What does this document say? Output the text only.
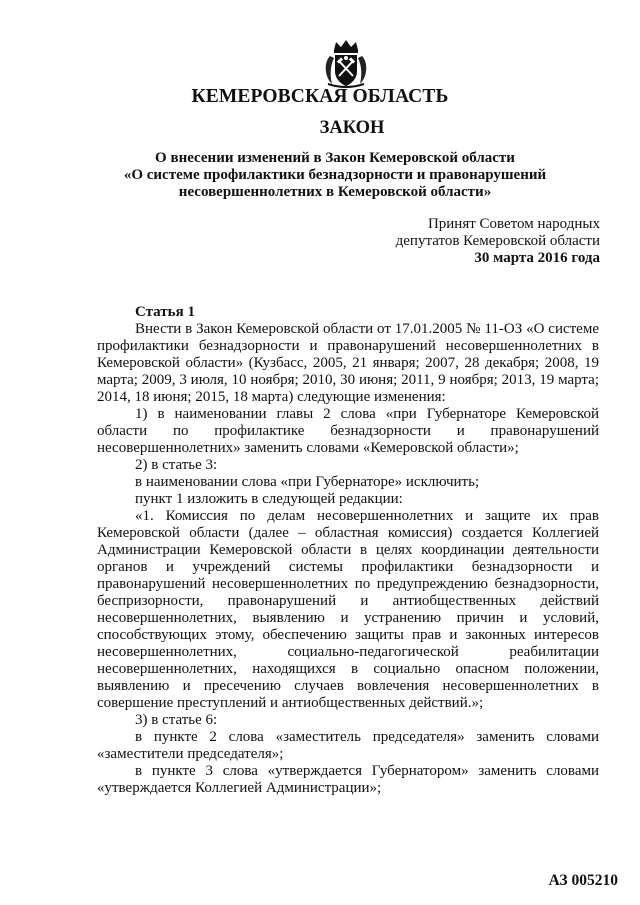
КЕМЕРОВСКАЯ ОБЛАСТЬ
ЗАКОН
О внесении изменений в Закон Кемеровской области
«О системе профилактики безнадзорности и правонарушений
несовершеннолетних в Кемеровской области»
Принят Советом народных
депутатов Кемеровской области
30 марта 2016 года

Статья 1

Внести в Закон Кемеровской области от 17.01.2005 № 11-ОЗ «О системе профилактики безнадзорности и правонарушений несовершеннолетних в Кемеровской области» (Кузбасс, 2005, 21 января; 2007, 28 декабря; 2008, 19 марта; 2009, 3 июля, 10 ноября; 2010, 30 июня; 2011, 9 ноября; 2013, 19 марта; 2014, 18 июня; 2015, 18 марта) следующие изменения:

1) в наименовании главы 2 слова «при Губернаторе Кемеровской области по профилактике безнадзорности и правонарушений несовершеннолетних» заменить словами «Кемеровской области»;

2) в статье 3:

в наименовании слова «при Губернаторе» исключить;

пункт 1 изложить в следующей редакции:

«1. Комиссия по делам несовершеннолетних и защите их прав Кемеровской области (далее – областная комиссия) создается Коллегией Администрации Кемеровской области в целях координации деятельности органов и учреждений системы профилактики безнадзорности и правонарушений несовершеннолетних по предупреждению безнадзорности, беспризорности, правонарушений и антиобщественных действий несовершеннолетних, выявлению и устранению причин и условий, способствующих этому, обеспечению защиты прав и законных интересов несовершеннолетних, социально-педагогической реабилитации несовершеннолетних, находящихся в социально опасном положении, выявлению и пресечению случаев вовлечения несовершеннолетних в совершение преступлений и антиобщественных действий.»;

3) в статье 6:

в пункте 2 слова «заместитель председателя» заменить словами «заместители председателя»;

в пункте 3 слова «утверждается Губернатором» заменить словами «утверждается Коллегией Администрации»;

АЗ 005210
